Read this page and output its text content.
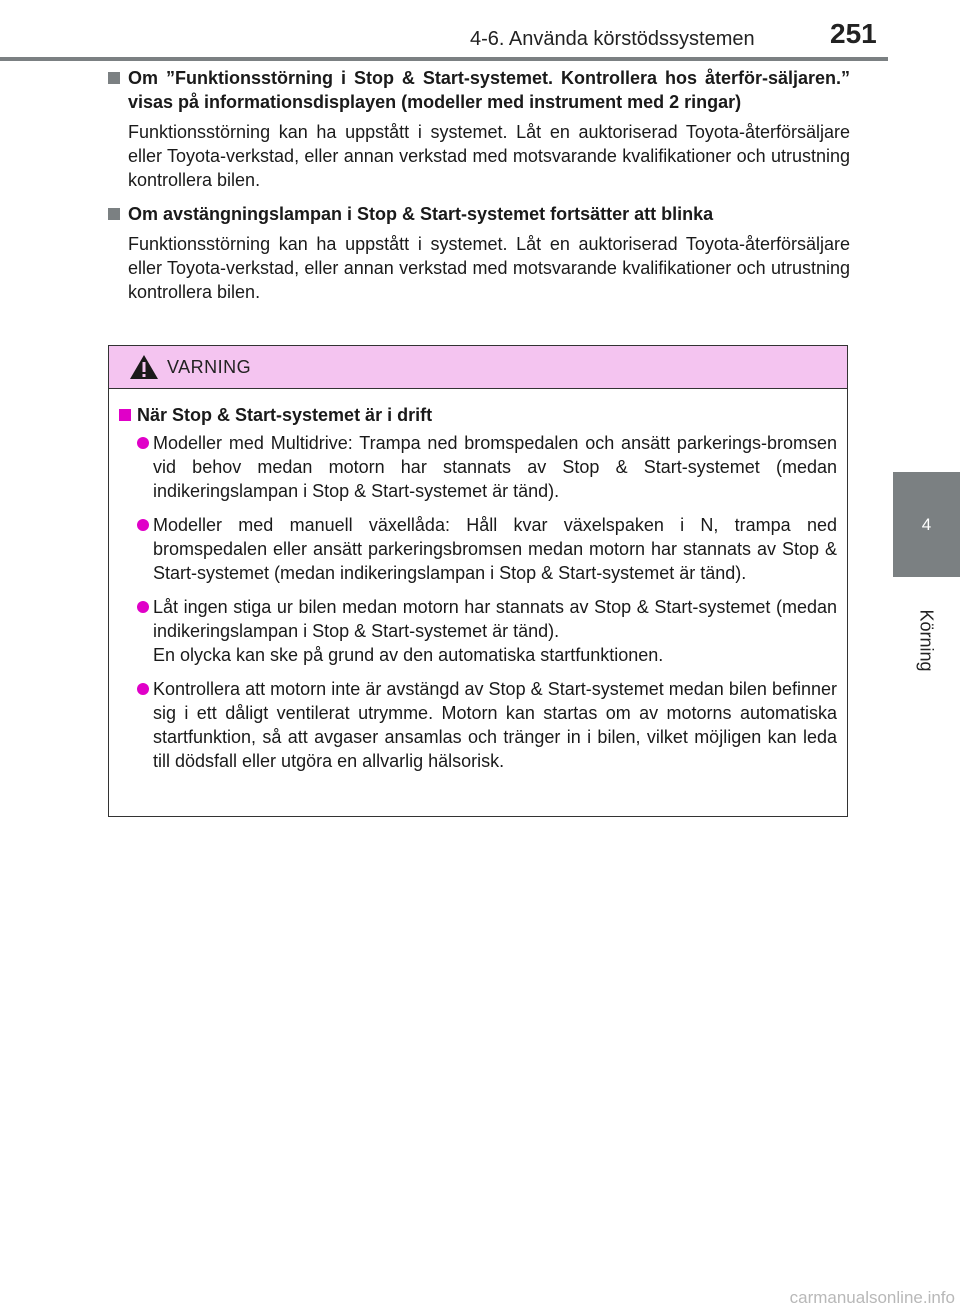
4-6. Använda körstödssystemen	251
4
Körning
Om ”Funktionsstörning i Stop & Start-systemet. Kontrollera hos återför-säljaren.” visas på informationsdisplayen (modeller med instrument med 2 ringar)
Funktionsstörning kan ha uppstått i systemet. Låt en auktoriserad Toyota-återförsäljare eller Toyota-verkstad, eller annan verkstad med motsvarande kvalifikationer och utrustning kontrollera bilen.
Om avstängningslampan i Stop & Start-systemet fortsätter att blinka
Funktionsstörning kan ha uppstått i systemet. Låt en auktoriserad Toyota-återförsäljare eller Toyota-verkstad, eller annan verkstad med motsvarande kvalifikationer och utrustning kontrollera bilen.
VARNING
När Stop & Start-systemet är i drift
Modeller med Multidrive: Trampa ned bromspedalen och ansätt parkerings-bromsen vid behov medan motorn har stannats av Stop & Start-systemet (medan indikeringslampan i Stop & Start-systemet är tänd).
Modeller med manuell växellåda: Håll kvar växelspaken i N, trampa ned bromspedalen eller ansätt parkeringsbromsen medan motorn har stannats av Stop & Start-systemet (medan indikeringslampan i Stop & Start-systemet är tänd).
Låt ingen stiga ur bilen medan motorn har stannats av Stop & Start-systemet (medan indikeringslampan i Stop & Start-systemet är tänd).
En olycka kan ske på grund av den automatiska startfunktionen.
Kontrollera att motorn inte är avstängd av Stop & Start-systemet medan bilen befinner sig i ett dåligt ventilerat utrymme. Motorn kan startas om av motorns automatiska startfunktion, så att avgaser ansamlas och tränger in i bilen, vilket möjligen kan leda till dödsfall eller utgöra en allvarlig hälsorisk.
carmanualsonline.info
